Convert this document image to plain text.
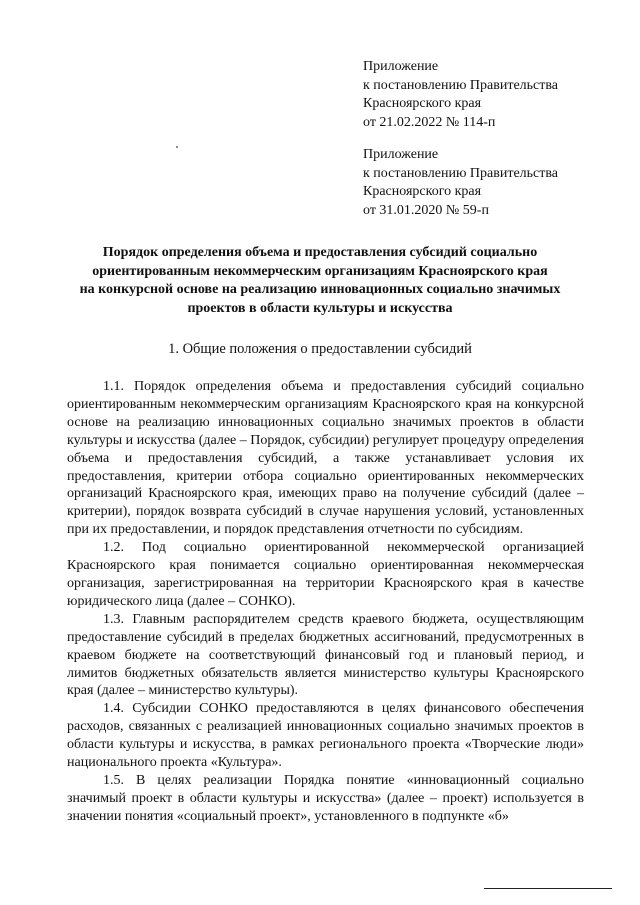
Приложение
к постановлению Правительства
Красноярского края
от 21.02.2022 № 114-п
Приложение
к постановлению Правительства
Красноярского края
от 31.01.2020 № 59-п
Порядок определения объема и предоставления субсидий социально
ориентированным некоммерческим организациям Красноярского края
на конкурсной основе на реализацию инновационных социально значимых
проектов в области культуры и искусства
1. Общие положения о предоставлении субсидий

1.1. Порядок определения объема и предоставления субсидий социально ориентированным некоммерческим организациям Красноярского края на конкурсной основе на реализацию инновационных социально значимых проектов в области культуры и искусства (далее – Порядок, субсидии) регулирует процедуру определения объема и предоставления субсидий, а также устанавливает условия их предоставления, критерии отбора социально ориентированных некоммерческих организаций Красноярского края, имеющих право на получение субсидий (далее – критерии), порядок возврата субсидий в случае нарушения условий, установленных при их предоставлении, и порядок представления отчетности по субсидиям.

1.2. Под социально ориентированной некоммерческой организацией Красноярского края понимается социально ориентированная некоммерческая организация, зарегистрированная на территории Красноярского края в качестве юридического лица (далее – СОНКО).

1.3. Главным распорядителем средств краевого бюджета, осуществляющим предоставление субсидий в пределах бюджетных ассигнований, предусмотренных в краевом бюджете на соответствующий финансовый год и плановый период, и лимитов бюджетных обязательств является министерство культуры Красноярского края (далее – министерство культуры).

1.4. Субсидии СОНКО предоставляются в целях финансового обеспечения расходов, связанных с реализацией инновационных социально значимых проектов в области культуры и искусства, в рамках регионального проекта «Творческие люди» национального проекта «Культура».

1.5. В целях реализации Порядка понятие «инновационный социально значимый проект в области культуры и искусства» (далее – проект) используется в значении понятия «социальный проект», установленного в подпункте «б»
